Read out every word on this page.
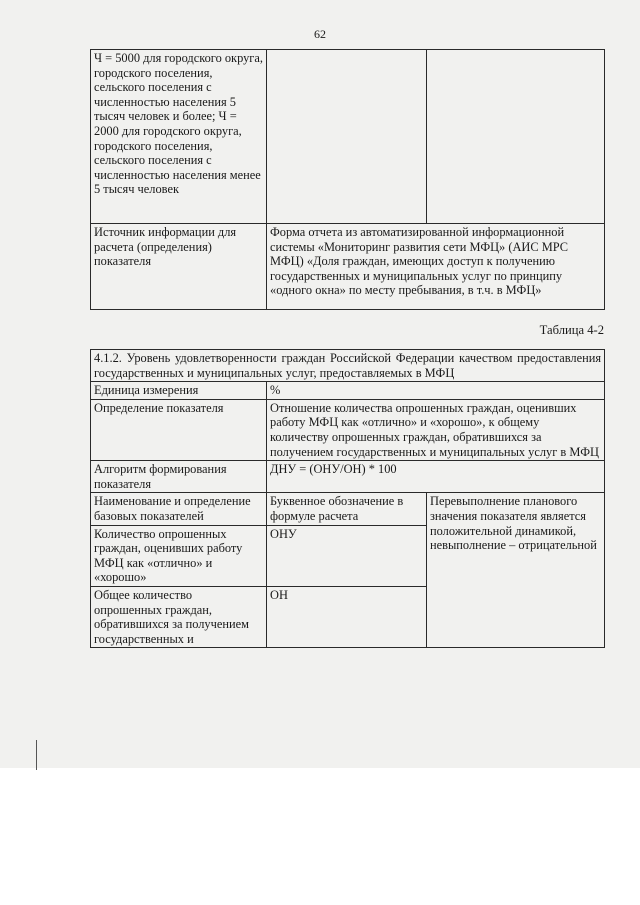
62
Ч = 5000 для городского округа, городского поселения, сельского поселения с численностью населения 5 тысяч человек и более; Ч = 2000 для городского округа, городского поселения, сельского поселения с численностью населения менее 5 тысяч человек		
Источник информации для расчета (определения) показателя	Форма отчета из автоматизированной информационной системы «Мониторинг развития сети МФЦ» (АИС МРС МФЦ) «Доля граждан, имеющих доступ к получению государственных и муниципальных услуг по принципу «одного окна» по месту пребывания, в т.ч. в МФЦ»	
Таблица 4-2
4.1.2. Уровень удовлетворенности граждан Российской Федерации качеством предоставления государственных и муниципальных услуг, предоставляемых в МФЦ		
Единица измерения	%	
Определение показателя	Отношение количества опрошенных граждан, оценивших работу МФЦ как «отлично» и «хорошо», к общему количеству опрошенных граждан, обратившихся за получением государственных и муниципальных услуг в МФЦ	
Алгоритм формирования показателя	ДНУ = (ОНУ/ОН) * 100	
Наименование и определение базовых показателей	Буквенное обозначение в формуле расчета	Перевыполнение планового значения показателя является положительной динамикой, невыполнение – отрицательной
Количество опрошенных граждан, оценивших работу МФЦ как «отлично» и «хорошо»	ОНУ	
Общее количество опрошенных граждан, обратившихся за получением государственных и	ОН	
